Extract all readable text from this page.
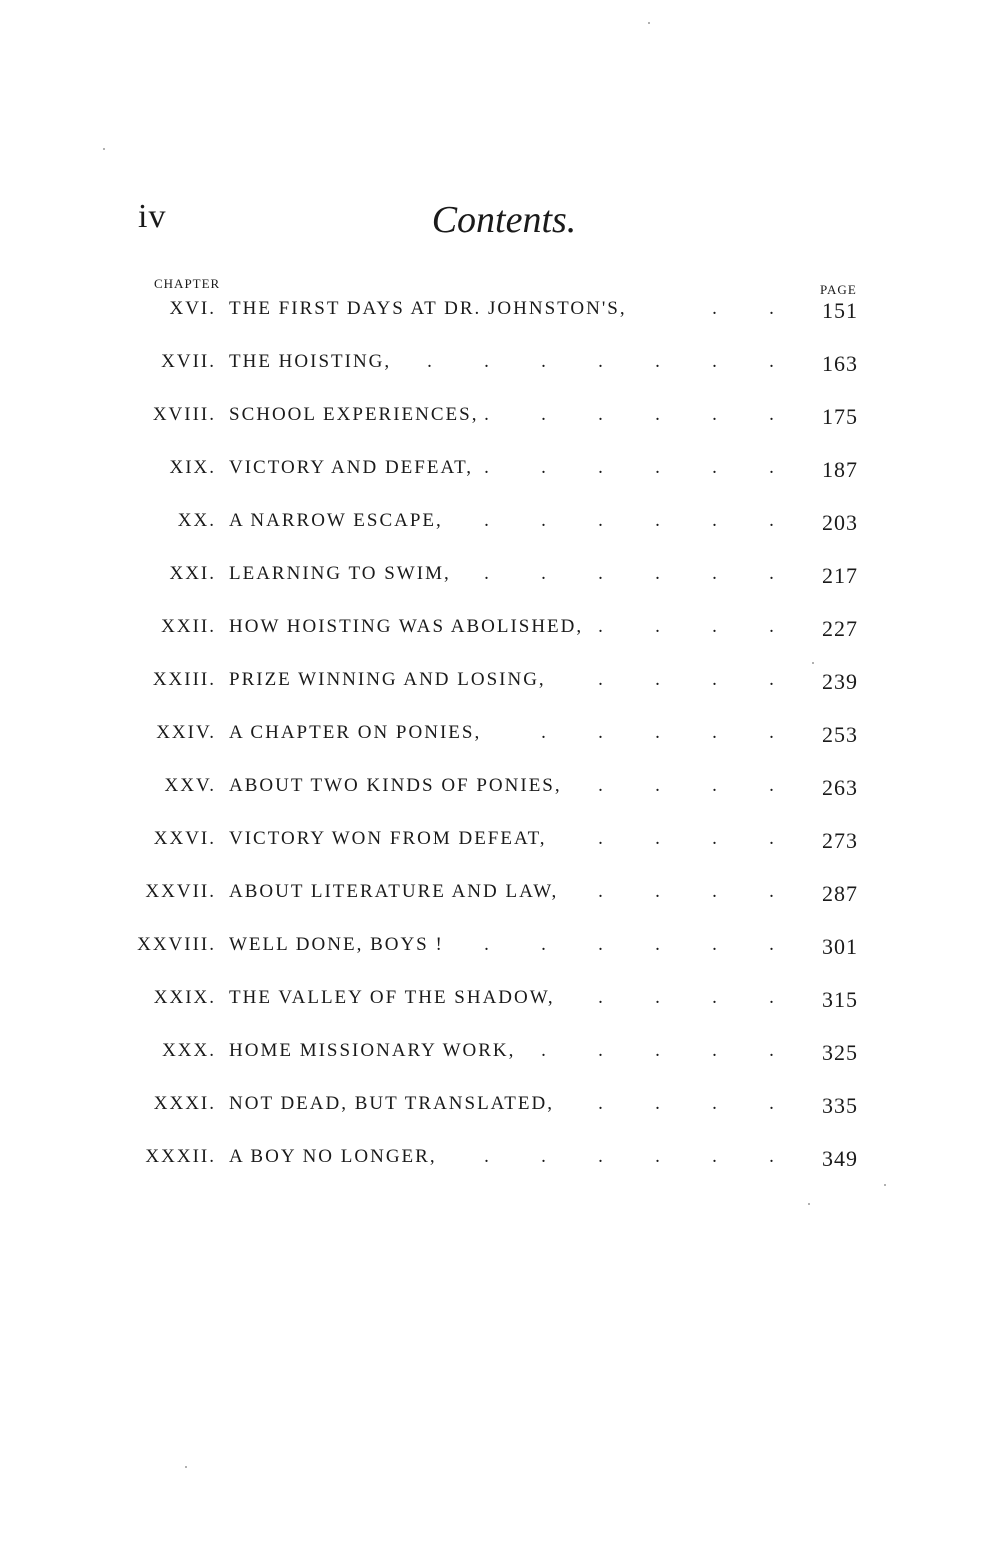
iv	Contents.
CHAPTER	PAGE
XVI. THE FIRST DAYS AT DR. JOHNSTON'S,	.	.	151
XVII. THE HOISTING,	.	.	.	.	.	.	.	163
XVIII. SCHOOL EXPERIENCES, .	.	.	.	.	.	175
XIX. VICTORY AND DEFEAT, .	.	.	.	.	.	187
XX. A NARROW ESCAPE,	.	.	.	.	.	.	203
XXI. LEARNING TO SWIM,	.	.	.	.	.	.	217
XXII. HOW HOISTING WAS ABOLISHED, .	.	.	.	227
XXIII. PRIZE WINNING AND LOSING,	.	.	.	.	239
XXIV. A CHAPTER ON PONIES,	.	.	.	.	.	253
XXV. ABOUT TWO KINDS OF PONIES,	.	.	.	.	263
XXVI. VICTORY WON FROM DEFEAT,	.	.	.	.	273
XXVII. ABOUT LITERATURE AND LAW,	.	.	.	.	287
XXVIII. WELL DONE, BOYS !	.	.	.	.	.	.	301
XXIX. THE VALLEY OF THE SHADOW,	.	.	.	.	315
XXX. HOME MISSIONARY WORK,	.	.	.	.	.	325
XXXI. NOT DEAD, BUT TRANSLATED,	.	.	.	.	335
XXXII. A BOY NO LONGER,	.	.	.	.	.	.	349
